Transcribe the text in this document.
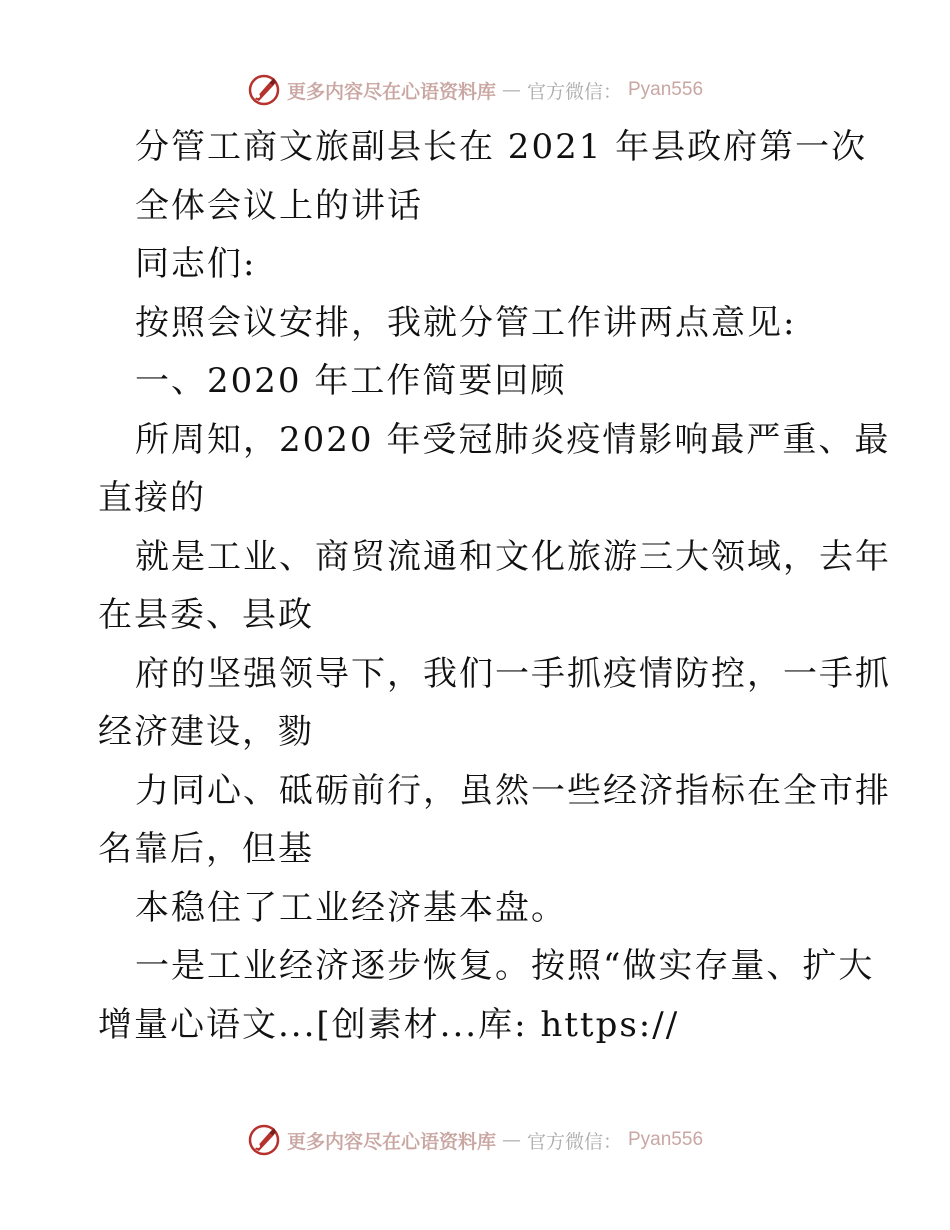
更多内容尽在心语资料库 — 官方微信： Pyan556
分管工商文旅副县长在 2021 年县政府第一次
全体会议上的讲话
同志们:
按照会议安排，我就分管工作讲两点意见:
一、2020 年工作简要回顾
所周知，2020 年受冠肺炎疫情影响最严重、最
直接的
就是工业、商贸流通和文化旅游三大领域，去年
在县委、县政
府的坚强领导下，我们一手抓疫情防控，一手抓
经济建设，勠
力同心、砥砺前行，虽然一些经济指标在全市排
名靠后，但基
本稳住了工业经济基本盘。
一是工业经济逐步恢复。按照“做实存量、扩大
增量心语文...[创素材...库: https://
更多内容尽在心语资料库 — 官方微信： Pyan556
